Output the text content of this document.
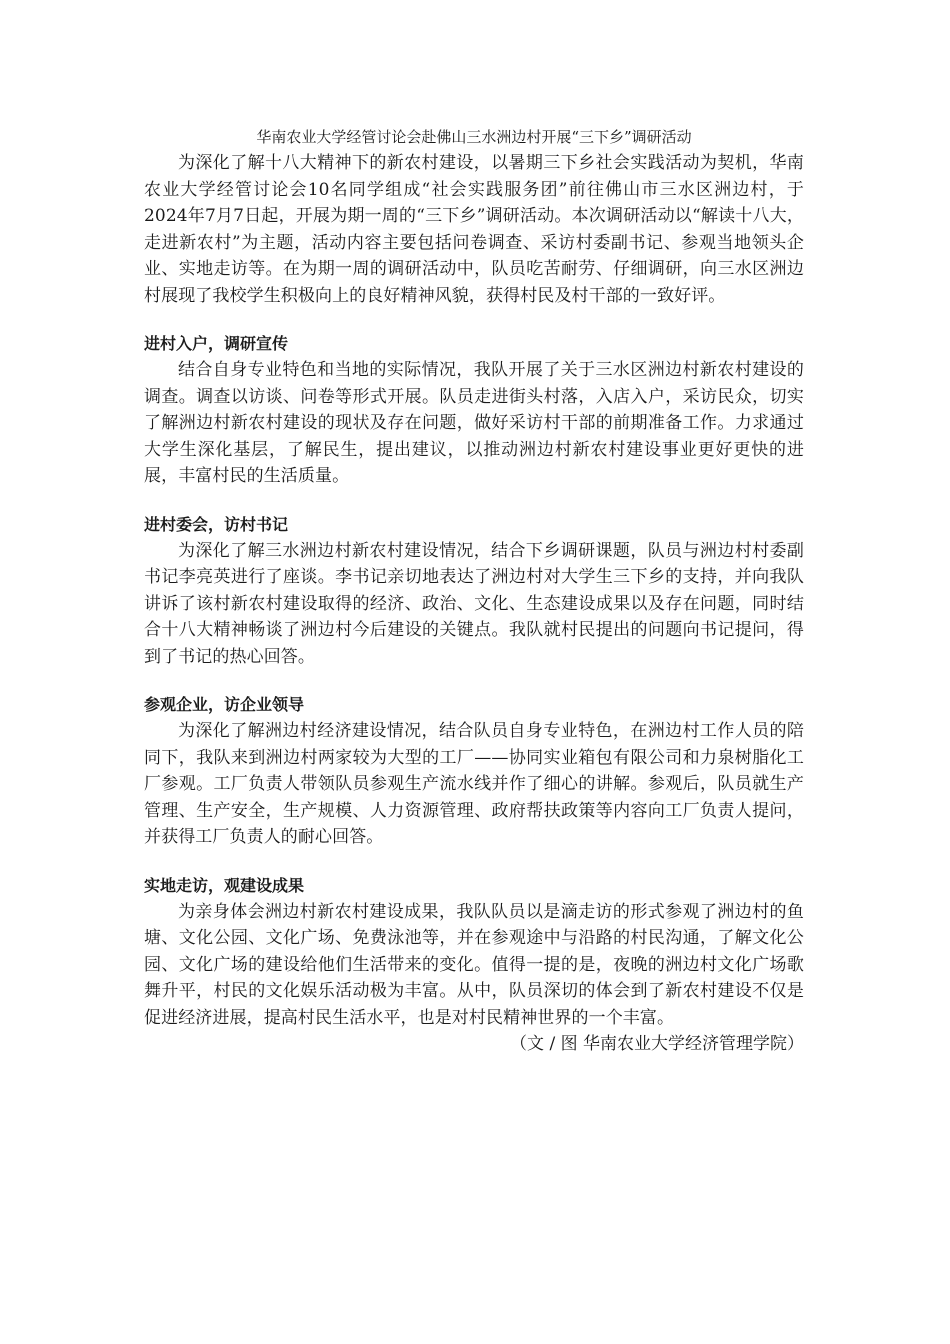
华南农业大学经管讨论会赴佛山三水洲边村开展“三下乡”调研活动

为深化了解十八大精神下的新农村建设，以暑期三下乡社会实践活动为契机，华南农业大学经管讨论会10名同学组成“社会实践服务团”前往佛山市三水区洲边村，于2024年7月7日起，开展为期一周的“三下乡”调研活动。本次调研活动以“解读十八大，走进新农村”为主题，活动内容主要包括问卷调查、采访村委副书记、参观当地领头企业、实地走访等。在为期一周的调研活动中，队员吃苦耐劳、仔细调研，向三水区洲边村展现了我校学生积极向上的良好精神风貌，获得村民及村干部的一致好评。

进村入户，调研宣传

结合自身专业特色和当地的实际情况，我队开展了关于三水区洲边村新农村建设的调查。调查以访谈、问卷等形式开展。队员走进街头村落，入店入户，采访民众，切实了解洲边村新农村建设的现状及存在问题，做好采访村干部的前期准备工作。力求通过大学生深化基层，了解民生，提出建议，以推动洲边村新农村建设事业更好更快的进展，丰富村民的生活质量。

进村委会，访村书记

为深化了解三水洲边村新农村建设情况，结合下乡调研课题，队员与洲边村村委副书记李亮英进行了座谈。李书记亲切地表达了洲边村对大学生三下乡的支持，并向我队讲诉了该村新农村建设取得的经济、政治、文化、生态建设成果以及存在问题，同时结合十八大精神畅谈了洲边村今后建设的关键点。我队就村民提出的问题向书记提问，得到了书记的热心回答。

参观企业，访企业领导

为深化了解洲边村经济建设情况，结合队员自身专业特色，在洲边村工作人员的陪同下，我队来到洲边村两家较为大型的工厂——协同实业箱包有限公司和力泉树脂化工厂参观。工厂负责人带领队员参观生产流水线并作了细心的讲解。参观后，队员就生产管理、生产安全，生产规模、人力资源管理、政府帮扶政策等内容向工厂负责人提问，并获得工厂负责人的耐心回答。

实地走访，观建设成果

为亲身体会洲边村新农村建设成果，我队队员以是滴走访的形式参观了洲边村的鱼塘、文化公园、文化广场、免费泳池等，并在参观途中与沿路的村民沟通，了解文化公园、文化广场的建设给他们生活带来的变化。值得一提的是，夜晚的洲边村文化广场歌舞升平，村民的文化娱乐活动极为丰富。从中，队员深切的体会到了新农村建设不仅是促进经济进展，提高村民生活水平，也是对村民精神世界的一个丰富。

（文 / 图 华南农业大学经济管理学院）
